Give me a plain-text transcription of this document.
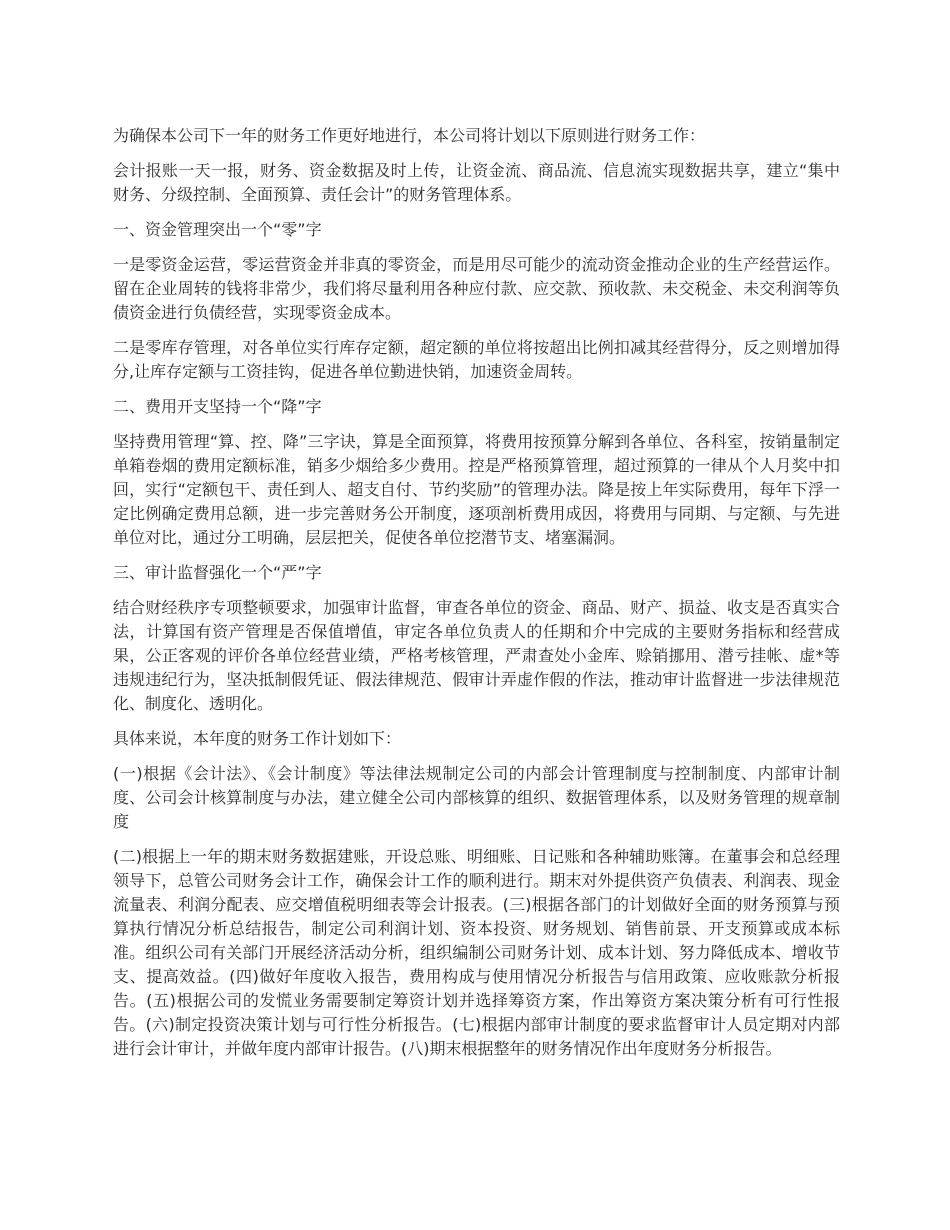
为确保本公司下一年的财务工作更好地进行，本公司将计划以下原则进行财务工作：

会计报账一天一报，财务、资金数据及时上传，让资金流、商品流、信息流实现数据共享，建立“集中财务、分级控制、全面预算、责任会计”的财务管理体系。

一、资金管理突出一个“零”字

一是零资金运营，零运营资金并非真的零资金，而是用尽可能少的流动资金推动企业的生产经营运作。留在企业周转的钱将非常少，我们将尽量利用各种应付款、应交款、预收款、未交税金、未交利润等负债资金进行负债经营，实现零资金成本。

二是零库存管理，对各单位实行库存定额，超定额的单位将按超出比例扣减其经营得分，反之则增加得分,让库存定额与工资挂钩，促进各单位勤进快销，加速资金周转。

二、费用开支坚持一个“降”字

坚持费用管理“算、控、降”三字诀，算是全面预算，将费用按预算分解到各单位、各科室，按销量制定单箱卷烟的费用定额标准，销多少烟给多少费用。控是严格预算管理，超过预算的一律从个人月奖中扣回，实行“定额包干、责任到人、超支自付、节约奖励”的管理办法。降是按上年实际费用，每年下浮一定比例确定费用总额，进一步完善财务公开制度，逐项剖析费用成因，将费用与同期、与定额、与先进单位对比，通过分工明确，层层把关，促使各单位挖潜节支、堵塞漏洞。

三、审计监督强化一个“严”字

结合财经秩序专项整顿要求，加强审计监督，审查各单位的资金、商品、财产、损益、收支是否真实合法，计算国有资产管理是否保值增值，审定各单位负责人的任期和介中完成的主要财务指标和经营成果，公正客观的评价各单位经营业绩，严格考核管理，严肃查处小金库、赊销挪用、潜亏挂帐、虚*等违规违纪行为，坚决抵制假凭证、假法律规范、假审计弄虚作假的作法，推动审计监督进一步法律规范化、制度化、透明化。

具体来说，本年度的财务工作计划如下：

(一)根据《会计法》、《会计制度》等法律法规制定公司的内部会计管理制度与控制制度、内部审计制度、公司会计核算制度与办法，建立健全公司内部核算的组织、数据管理体系，以及财务管理的规章制度

(二)根据上一年的期末财务数据建账，开设总账、明细账、日记账和各种辅助账簿。在董事会和总经理领导下，总管公司财务会计工作，确保会计工作的顺利进行。期末对外提供资产负债表、利润表、现金流量表、利润分配表、应交增值税明细表等会计报表。(三)根据各部门的计划做好全面的财务预算与预算执行情况分析总结报告，制定公司利润计划、资本投资、财务规划、销售前景、开支预算或成本标准。组织公司有关部门开展经济活动分析，组织编制公司财务计划、成本计划、努力降低成本、增收节支、提高效益。(四)做好年度收入报告，费用构成与使用情况分析报告与信用政策、应收账款分析报告。(五)根据公司的发慌业务需要制定筹资计划并选择筹资方案，作出筹资方案决策分析有可行性报告。(六)制定投资决策计划与可行性分析报告。(七)根据内部审计制度的要求监督审计人员定期对内部进行会计审计，并做年度内部审计报告。(八)期末根据整年的财务情况作出年度财务分析报告。
